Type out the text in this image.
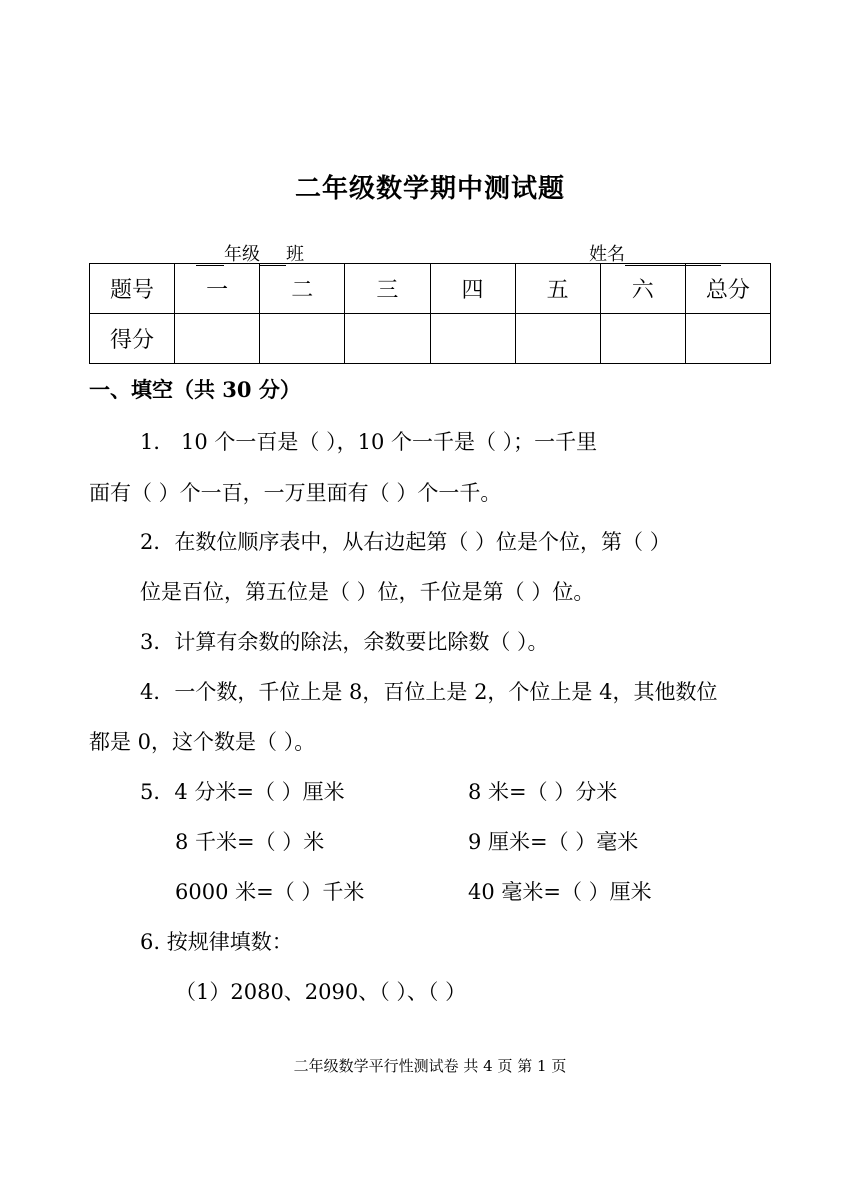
二年级数学期中测试题
年级 班	姓名
题号	一	二	三	四	五	六	总分
得分							
一、填空（共 30 分）
1． 10 个一百是（ ），10 个一千是（ ）；一千里
面有（ ）个一百，一万里面有（ ）个一千。
2．在数位顺序表中，从右边起第（ ）位是个位，第（ ）
位是百位，第五位是（ ）位，千位是第（ ）位。
3．计算有余数的除法，余数要比除数（ ）。
4．一个数，千位上是 8，百位上是 2，个位上是 4，其他数位
都是 0，这个数是（ ）。
5．4 分米=（ ）厘米	8 米=（ ）分米
8 千米=（ ）米	9 厘米=（ ）毫米
6000 米=（ ）千米	40 毫米=（ ）厘米
6. 按规律填数：
（1）2080、2090、（ ）、（ ）
二年级数学平行性测试卷 共 4 页 第 1 页
